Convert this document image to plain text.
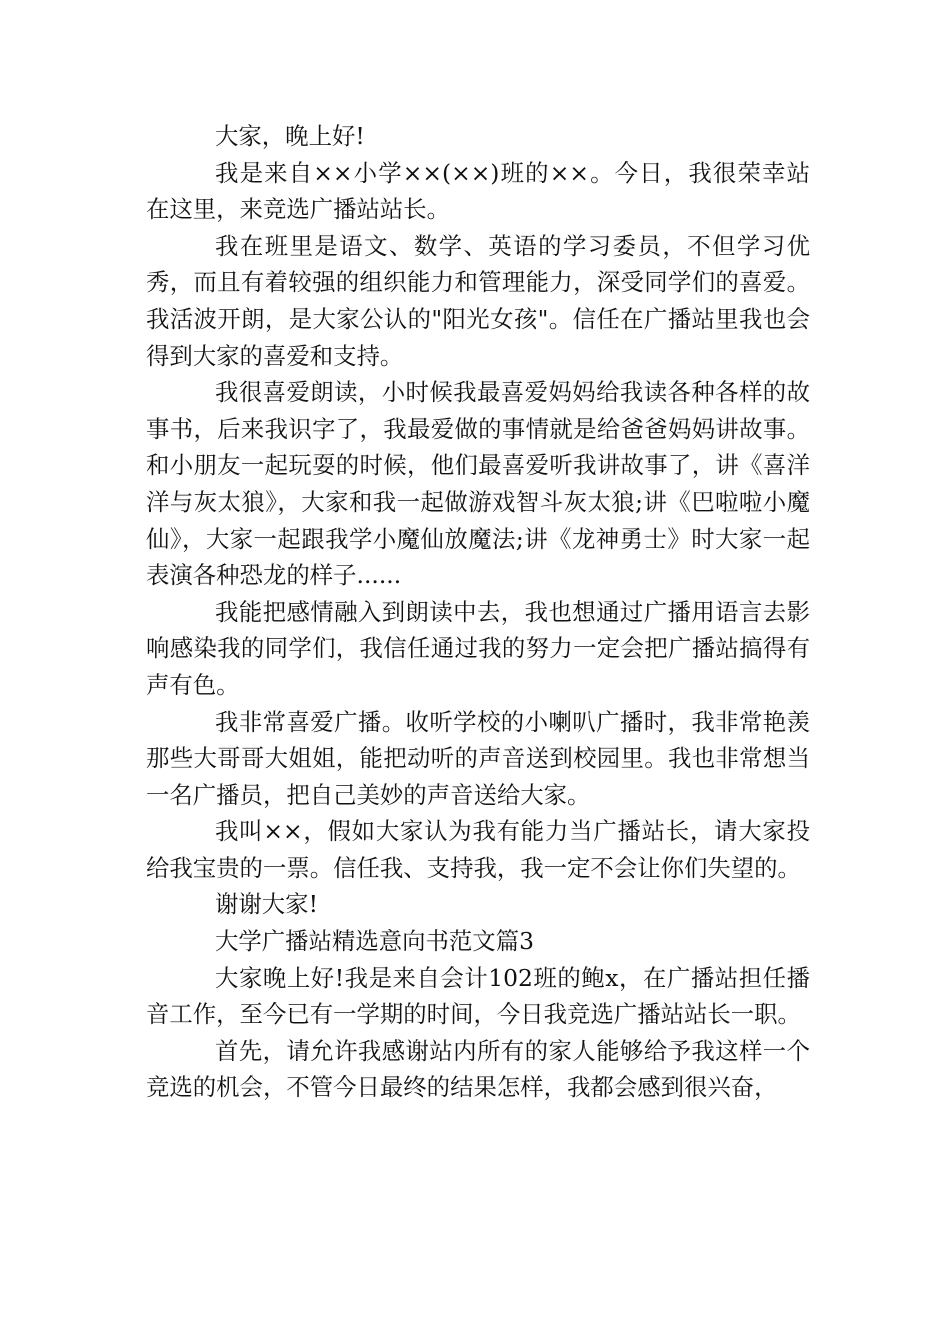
大家，晚上好!

我是来自××小学××(××)班的××。今日，我很荣幸站在这里，来竞选广播站站长。

我在班里是语文、数学、英语的学习委员，不但学习优秀，而且有着较强的组织能力和管理能力，深受同学们的喜爱。我活波开朗，是大家公认的"阳光女孩"。信任在广播站里我也会得到大家的喜爱和支持。

我很喜爱朗读，小时候我最喜爱妈妈给我读各种各样的故事书，后来我识字了，我最爱做的事情就是给爸爸妈妈讲故事。和小朋友一起玩耍的时候，他们最喜爱听我讲故事了，讲《喜洋洋与灰太狼》，大家和我一起做游戏智斗灰太狼;讲《巴啦啦小魔仙》，大家一起跟我学小魔仙放魔法;讲《龙神勇士》时大家一起表演各种恐龙的样子......

我能把感情融入到朗读中去，我也想通过广播用语言去影响感染我的同学们，我信任通过我的努力一定会把广播站搞得有声有色。

我非常喜爱广播。收听学校的小喇叭广播时，我非常艳羡那些大哥哥大姐姐，能把动听的声音送到校园里。我也非常想当一名广播员，把自己美妙的声音送给大家。

我叫××，假如大家认为我有能力当广播站长，请大家投给我宝贵的一票。信任我、支持我，我一定不会让你们失望的。

谢谢大家!

大学广播站精选意向书范文篇3

大家晚上好!我是来自会计102班的鲍x，在广播站担任播音工作，至今已有一学期的时间，今日我竞选广播站站长一职。

首先，请允许我感谢站内所有的家人能够给予我这样一个竞选的机会，不管今日最终的结果怎样，我都会感到很兴奋，
